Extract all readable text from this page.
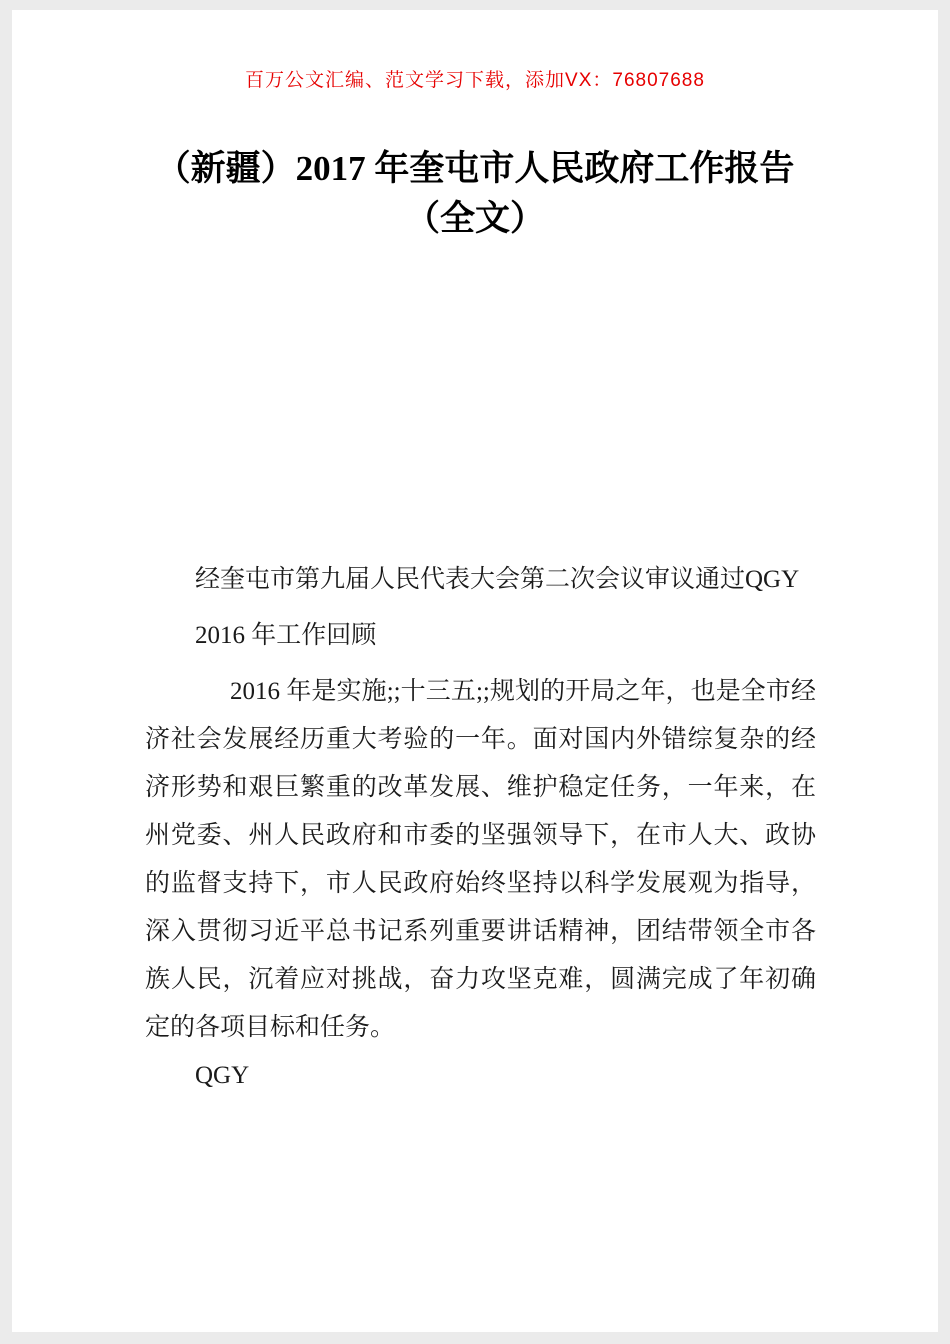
百万公文汇编、范文学习下载，添加VX：76807688
（新疆）2017 年奎屯市人民政府工作报告
（全文）

经奎屯市第九届人民代表大会第二次会议审议通过QGY

2016 年工作回顾

2016 年是实施;;十三五;;规划的开局之年，也是全市经济社会发展经历重大考验的一年。面对国内外错综复杂的经济形势和艰巨繁重的改革发展、维护稳定任务，一年来，在州党委、州人民政府和市委的坚强领导下，在市人大、政协的监督支持下，市人民政府始终坚持以科学发展观为指导，深入贯彻习近平总书记系列重要讲话精神，团结带领全市各族人民，沉着应对挑战，奋力攻坚克难，圆满完成了年初确定的各项目标和任务。

QGY
